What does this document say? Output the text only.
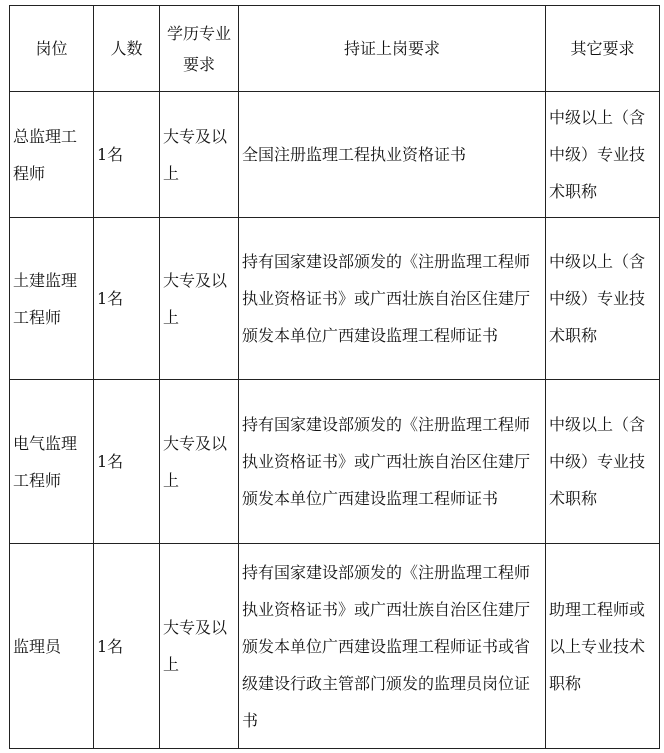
岗位	人数	学历专业要求	持证上岗要求	其它要求
总监理工程师	1名	大专及以上	全国注册监理工程执业资格证书	中级以上（含中级）专业技术职称
土建监理工程师	1名	大专及以上	持有国家建设部颁发的《注册监理工程师执业资格证书》或广西壮族自治区住建厅颁发本单位广西建设监理工程师证书	中级以上（含中级）专业技术职称
电气监理工程师	1名	大专及以上	持有国家建设部颁发的《注册监理工程师执业资格证书》或广西壮族自治区住建厅颁发本单位广西建设监理工程师证书	中级以上（含中级）专业技术职称
监理员	1名	大专及以上	持有国家建设部颁发的《注册监理工程师执业资格证书》或广西壮族自治区住建厅颁发本单位广西建设监理工程师证书或省级建设行政主管部门颁发的监理员岗位证书	助理工程师或以上专业技术职称
